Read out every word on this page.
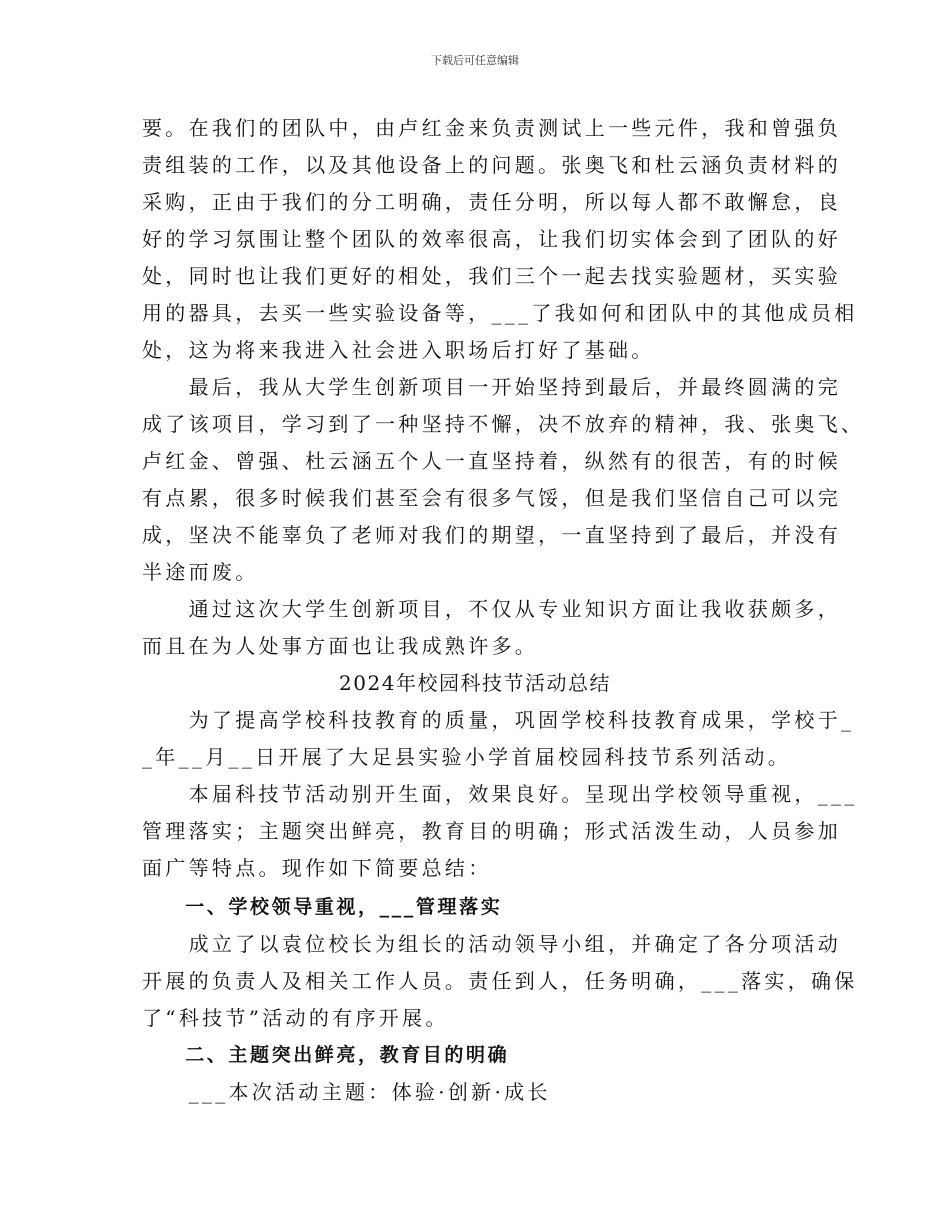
下载后可任意编辑

要。在我们的团队中，由卢红金来负责测试上一些元件，我和曾强负

责组装的工作，以及其他设备上的问题。张奥飞和杜云涵负责材料的

采购，正由于我们的分工明确，责任分明，所以每人都不敢懈怠，良

好的学习氛围让整个团队的效率很高，让我们切实体会到了团队的好

处，同时也让我们更好的相处，我们三个一起去找实验题材，买实验

用的器具，去买一些实验设备等，___了我如何和团队中的其他成员相

处，这为将来我进入社会进入职场后打好了基础。

　　最后，我从大学生创新项目一开始坚持到最后，并最终圆满的完

成了该项目，学习到了一种坚持不懈，决不放弃的精神，我、张奥飞、

卢红金、曾强、杜云涵五个人一直坚持着，纵然有的很苦，有的时候

有点累，很多时候我们甚至会有很多气馁，但是我们坚信自己可以完

成，坚决不能辜负了老师对我们的期望，一直坚持到了最后，并没有

半途而废。

　　通过这次大学生创新项目，不仅从专业知识方面让我收获颇多，

而且在为人处事方面也让我成熟许多。

2024年校园科技节活动总结

　　为了提高学校科技教育的质量，巩固学校科技教育成果，学校于_

_年__月__日开展了大足县实验小学首届校园科技节系列活动。

　　本届科技节活动别开生面，效果良好。呈现出学校领导重视，___

管理落实；主题突出鲜亮，教育目的明确；形式活泼生动，人员参加

面广等特点。现作如下简要总结：

　　一、学校领导重视，___管理落实

　　成立了以袁位校长为组长的活动领导小组，并确定了各分项活动

开展的负责人及相关工作人员。责任到人，任务明确，___落实，确保

了“科技节”活动的有序开展。

　　二、主题突出鲜亮，教育目的明确

　　___本次活动主题：体验·创新·成长
